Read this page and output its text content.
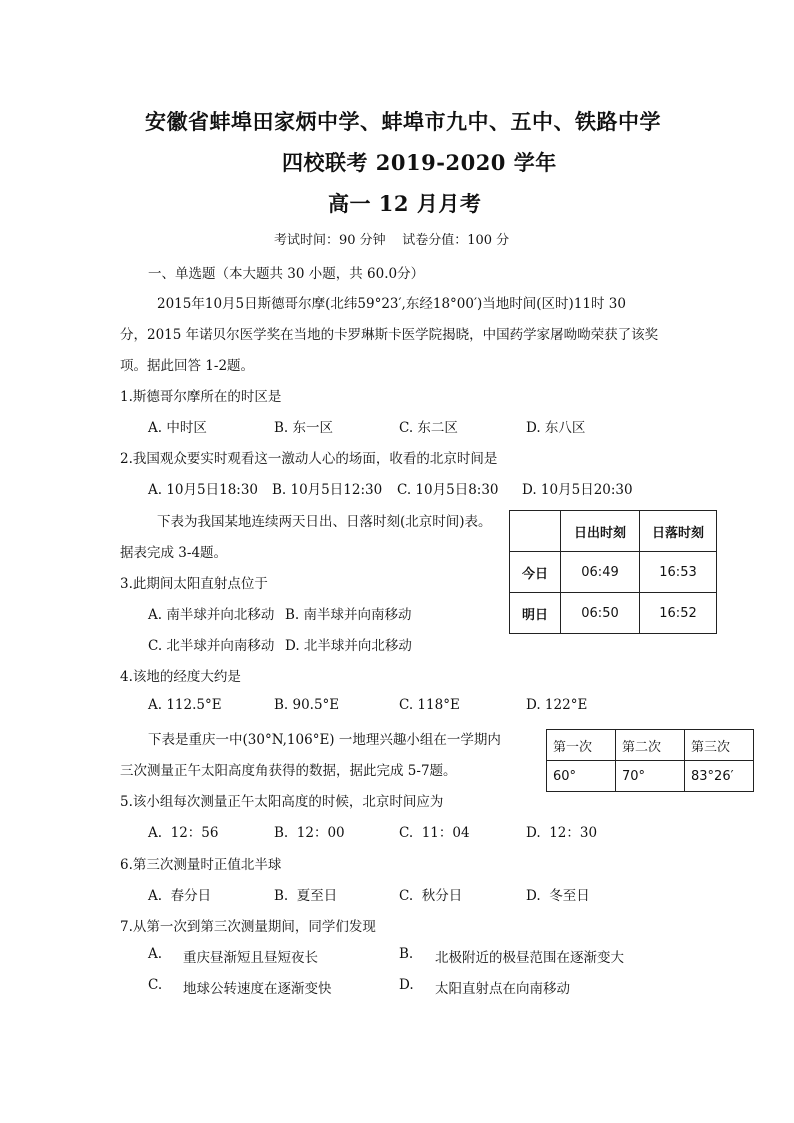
安徽省蚌埠田家炳中学、蚌埠市九中、五中、铁路中学
四校联考 2019-2020 学年
高一 12 月月考
考试时间：90 分钟    试卷分值：100 分
一、单选题（本大题共 30 小题，共 60.0分）
2015年10月5日斯德哥尔摩(北纬59°23′,东经18°00′)当地时间(区时)11时 30
分，2015 年诺贝尔医学奖在当地的卡罗琳斯卡医学院揭晓，中国药学家屠呦呦荣获了该奖
项。据此回答 1-2题。
1.斯德哥尔摩所在的时区是
A. 中时区	B. 东一区	C. 东二区	D. 东八区
2.我国观众要实时观看这一激动人心的场面，收看的北京时间是
A. 10月5日18:30 B. 10月5日12:30 C. 10月5日8:30 D. 10月5日20:30
下表为我国某地连续两天日出、日落时刻(北京时间)表。
据表完成 3-4题。
	日出时刻	日落时刻
今日	06:49	16:53
明日	06:50	16:52
3.此期间太阳直射点位于
A. 南半球并向北移动 B. 南半球并向南移动
C. 北半球并向南移动 D. 北半球并向北移动
4.该地的经度大约是
A. 112.5°E	B. 90.5°E	C. 118°E	D. 122°E
下表是重庆一中(30°N,106°E) 一地理兴趣小组在一学期内
三次测量正午太阳高度角获得的数据，据此完成 5-7题。
第一次	第二次	第三次
60°	70°	83°26′
5.该小组每次测量正午太阳高度的时候，北京时间应为
A.  12：56	B.  12：00	C.  11：04	D.  12：30
6.第三次测量时正值北半球
A.  春分日	B.  夏至日	C.  秋分日	D.  冬至日
7.从第一次到第三次测量期间，同学们发现
A. 重庆昼渐短且昼短夜长	B. 北极附近的极昼范围在逐渐变大
C. 地球公转速度在逐渐变快	D. 太阳直射点在向南移动
